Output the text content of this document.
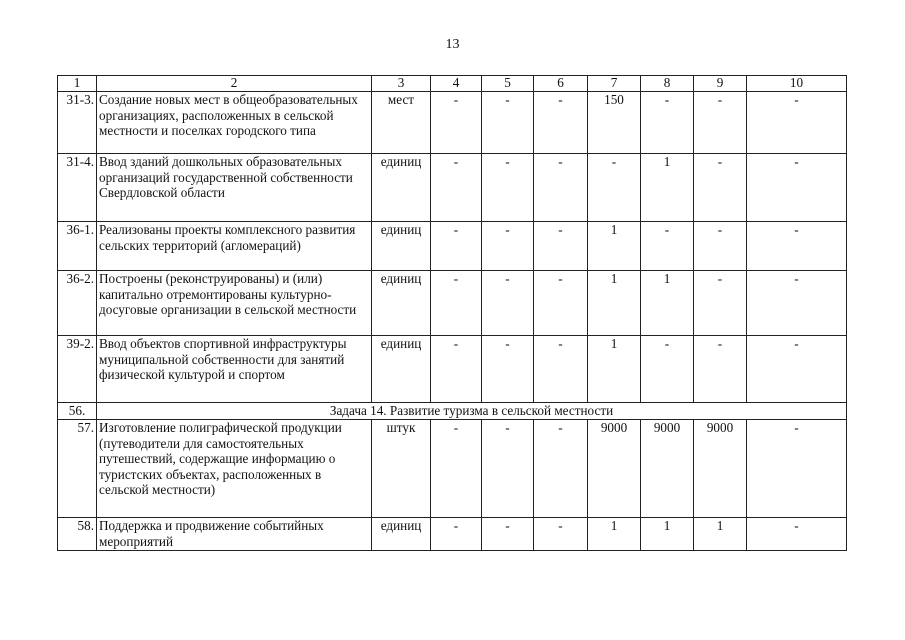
13
1	2	3	4	5	6	7	8	9	10
31-3.	Создание новых мест в общеобразовательных организациях, расположенных в сельской местности и поселках городского типа	мест	-	-	-	150	-	-	-
31-4.	Ввод зданий дошкольных образовательных организаций государственной собственности Свердловской области	единиц	-	-	-	-	1	-	-
36-1.	Реализованы проекты комплексного развития сельских территорий (агломераций)	единиц	-	-	-	1	-	-	-
36-2.	Построены (реконструированы) и (или) капитально отремонтированы культурно-досуговые организации в сельской местности	единиц	-	-	-	1	1	-	-
39-2.	Ввод объектов спортивной инфраструктуры муниципальной собственности для занятий физической культурой и спортом	единиц	-	-	-	1	-	-	-
56.	Задача 14. Развитие туризма в сельской местности								
57.	Изготовление полиграфической продукции (путеводители для самостоятельных путешествий, содержащие информацию о туристских объектах, расположенных в сельской местности)	штук	-	-	-	9000	9000	9000	-
58.	Поддержка и продвижение событийных мероприятий	единиц	-	-	-	1	1	1	-
